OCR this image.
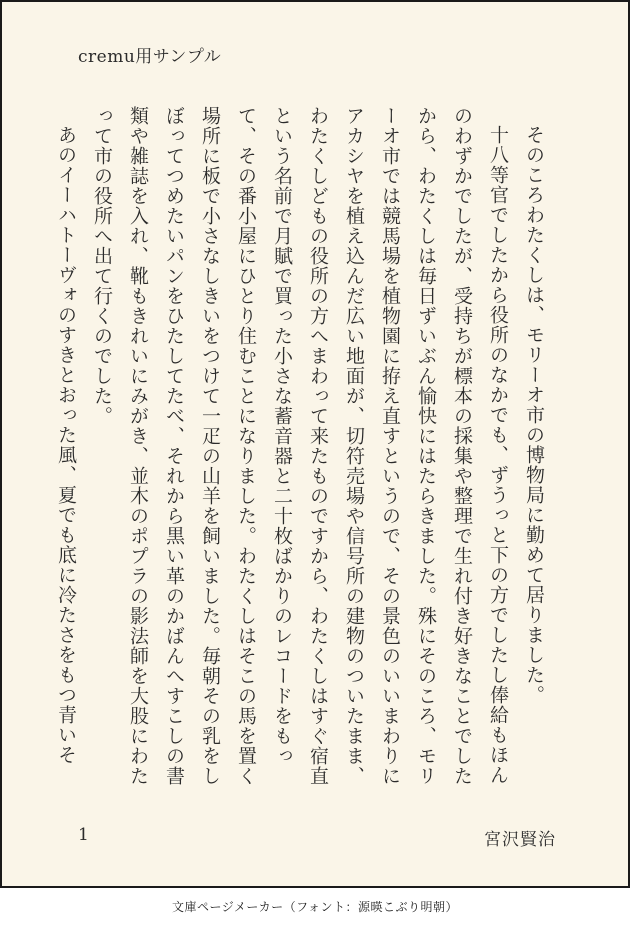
cremu用サンプル

そのころわたくしは、モリーオ市の博物局に勤めて居りました。

十八等官でしたから役所のなかでも、ずうっと下の方でしたし俸給もほんのわずかでしたが、受持ちが標本の採集や整理で生れ付き好きなことでしたから、わたくしは毎日ずいぶん愉快にはたらきました。殊にそのころ、モリーオ市では競馬場を植物園に拵え直すというので、その景色のいいまわりにアカシヤを植え込んだ広い地面が、切符売場や信号所の建物のついたまま、わたくしどもの役所の方へまわって来たものですから、わたくしはすぐ宿直という名前で月賦で買った小さな蓄音器と二十枚ばかりのレコードをもって、その番小屋にひとり住むことになりました。わたくしはそこの馬を置く場所に板で小さなしきいをつけて一疋の山羊を飼いました。毎朝その乳をしぼってつめたいパンをひたしてたべ、それから黒い革のかばんへすこしの書類や雑誌を入れ、靴もきれいにみがき、並木のポプラの影法師を大股にわたって市の役所へ出て行くのでした。

あのイーハトーヴォのすきとおった風、夏でも底に冷たさをもつ青いそ

1	宮沢賢治
文庫ページメーカー（フォント：源暎こぶり明朝）
